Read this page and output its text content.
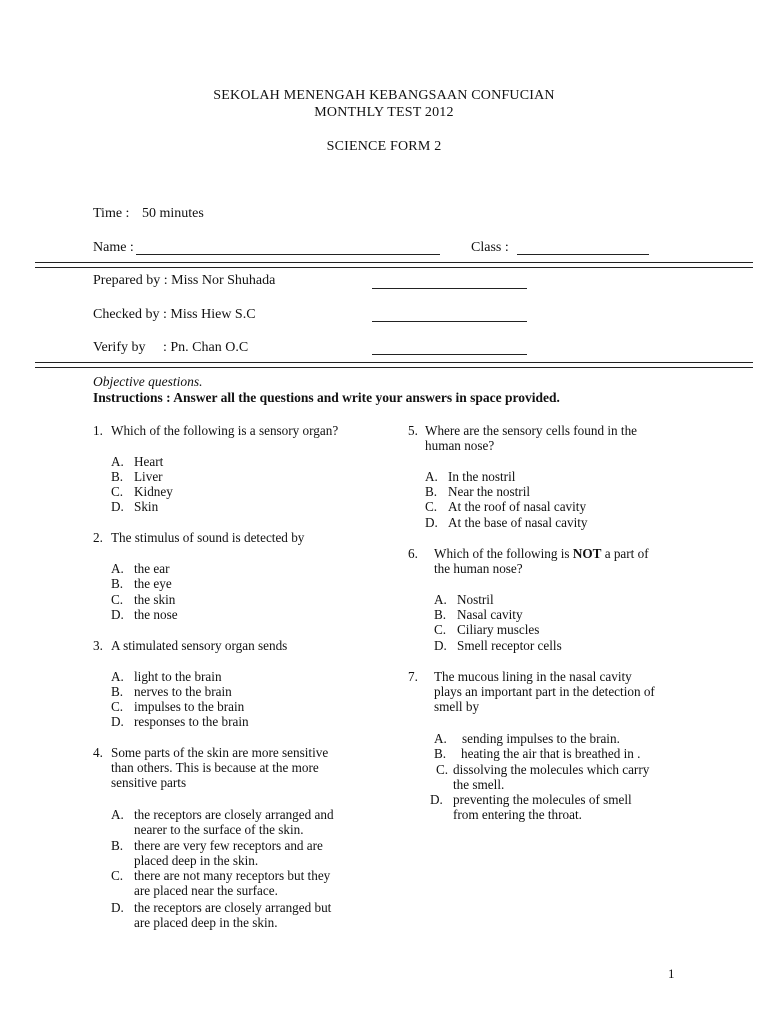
SEKOLAH MENENGAH KEBANGSAAN CONFUCIAN
MONTHLY TEST 2012
SCIENCE FORM 2
Time : 50 minutes
Name :	Class :
Prepared by : Miss Nor Shuhada
Checked by : Miss Hiew S.C
Verify by : Pn. Chan O.C
Objective questions.
Instructions : Answer all the questions and write your answers in space provided.
1. Which of the following is a sensory organ?
A. Heart
B. Liver
C. Kidney
D. Skin
2. The stimulus of sound is detected by
A. the ear
B. the eye
C. the skin
D. the nose
3. A stimulated sensory organ sends
A. light to the brain
B. nerves to the brain
C. impulses to the brain
D. responses to the brain
4. Some parts of the skin are more sensitive
than others. This is because at the more
sensitive parts
A. the receptors are closely arranged and
nearer to the surface of the skin.
B. there are very few receptors and are
placed deep in the skin.
C. there are not many receptors but they
are placed near the surface.
D. the receptors are closely arranged but
are placed deep in the skin.
5. Where are the sensory cells found in the
human nose?
A. In the nostril
B. Near the nostril
C. At the roof of nasal cavity
D. At the base of nasal cavity
6. Which of the following is NOT a part of
the human nose?
A. Nostril
B. Nasal cavity
C. Ciliary muscles
D. Smell receptor cells
7. The mucous lining in the nasal cavity
plays an important part in the detection of
smell by
A. sending impulses to the brain.
B. heating the air that is breathed in .
C. dissolving the molecules which carry
the smell.
D. preventing the molecules of smell
from entering the throat.
1
